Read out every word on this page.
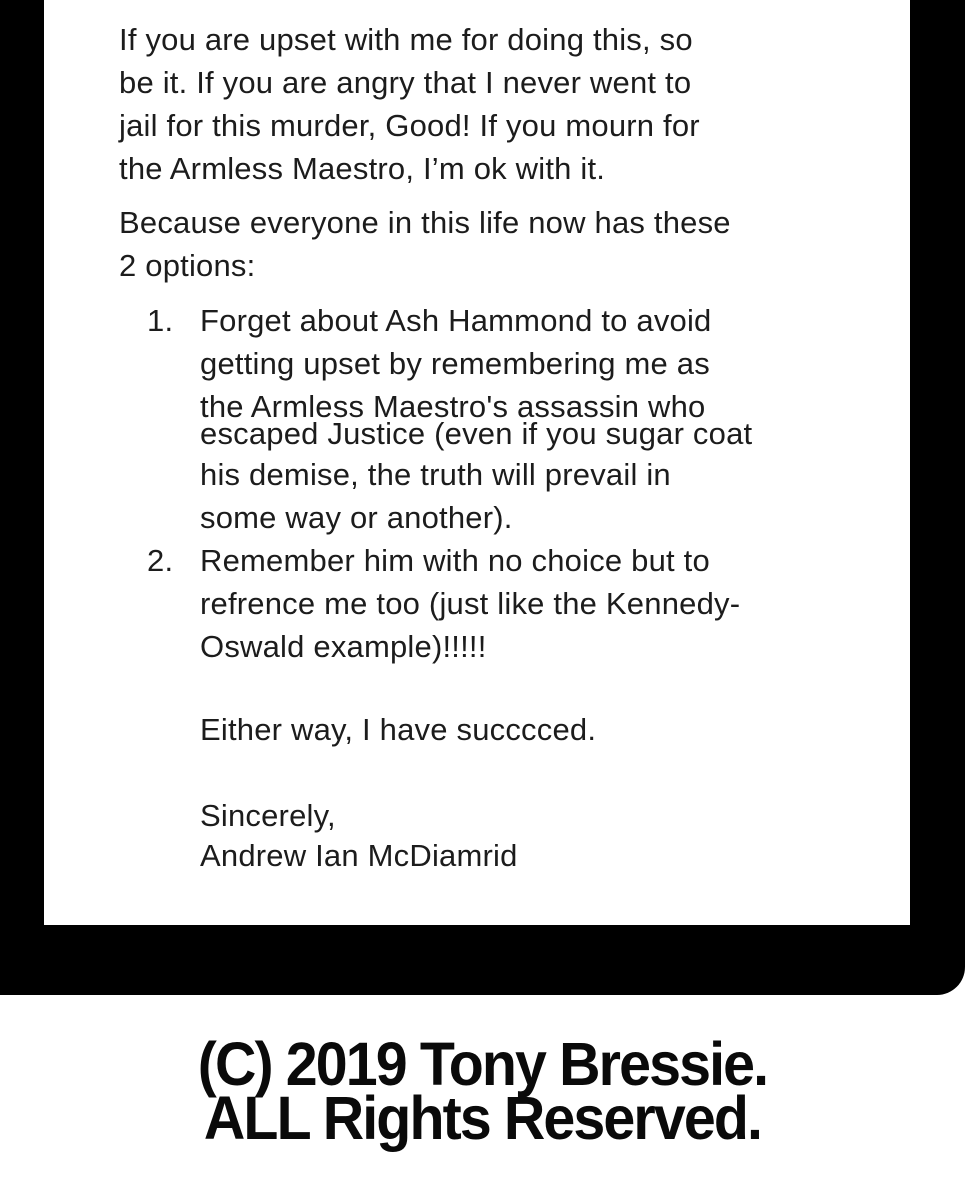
If you are upset with me for doing this, so
be it. If you are angry that I never went to
jail for this murder, Good! If you mourn for
the Armless Maestro, I’m ok with it.
Because everyone in this life now has these
2 options:
1. Forget about Ash Hammond to avoid
getting upset by remembering me as
the Armless Maestro's assassin who
escaped Justice (even if you sugar coat
his demise, the truth will prevail in
some way or another).
2. Remember him with no choice but to
refrence me too (just like the Kennedy-
Oswald example)!!!!!
Either way, I have succcced.
Sincerely,
Andrew Ian McDiamrid
(C) 2019 Tony Bressie.
ALL Rights Reserved.
